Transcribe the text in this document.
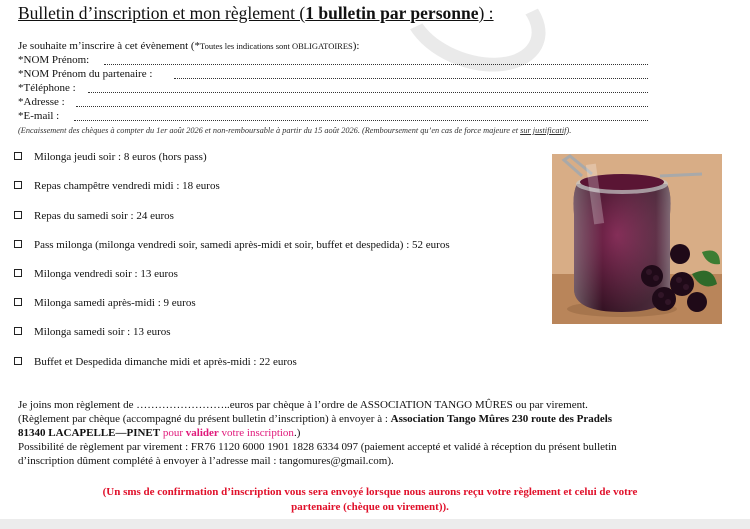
Bulletin d’inscription et mon règlement (1 bulletin par personne) :
Je souhaite m’inscrire à cet évènement (*Toutes les indications sont OBLIGATOIRES):
*NOM Prénom:
*NOM Prénom du partenaire :
*Téléphone :
*Adresse :
*E-mail :
(Encaissement des chèques à compter du 1er août 2026 et non-remboursable à partir du 15 août 2026. (Remboursement qu’en cas de force majeure et sur justificatif).
Milonga jeudi soir : 8 euros (hors pass)
Repas champêtre vendredi midi : 18 euros
Repas du samedi soir : 24 euros
Pass milonga (milonga vendredi soir, samedi après-midi et soir, buffet et despedida) : 52 euros
Milonga vendredi soir : 13 euros
Milonga samedi après-midi : 9 euros
Milonga samedi soir : 13 euros
Buffet et Despedida dimanche midi et après-midi : 22 euros
Je joins mon règlement de ……………………..euros par chèque à l’ordre de ASSOCIATION TANGO MÛRES ou par virement.
(Règlement par chèque (accompagné du présent bulletin d’inscription) à envoyer à : Association Tango Mûres 230 route des Pradels
81340 LACAPELLE—PINET pour valider votre inscription.)
Possibilité de règlement par virement : FR76 1120 6000 1901 1828 6334 097 (paiement accepté et validé à réception du présent bulletin
d’inscription dûment complété à envoyer à l’adresse mail : tangomures@gmail.com).
(Un sms de confirmation d’inscription vous sera envoyé lorsque nous aurons reçu votre règlement et celui de votre
partenaire (chèque ou virement)).
